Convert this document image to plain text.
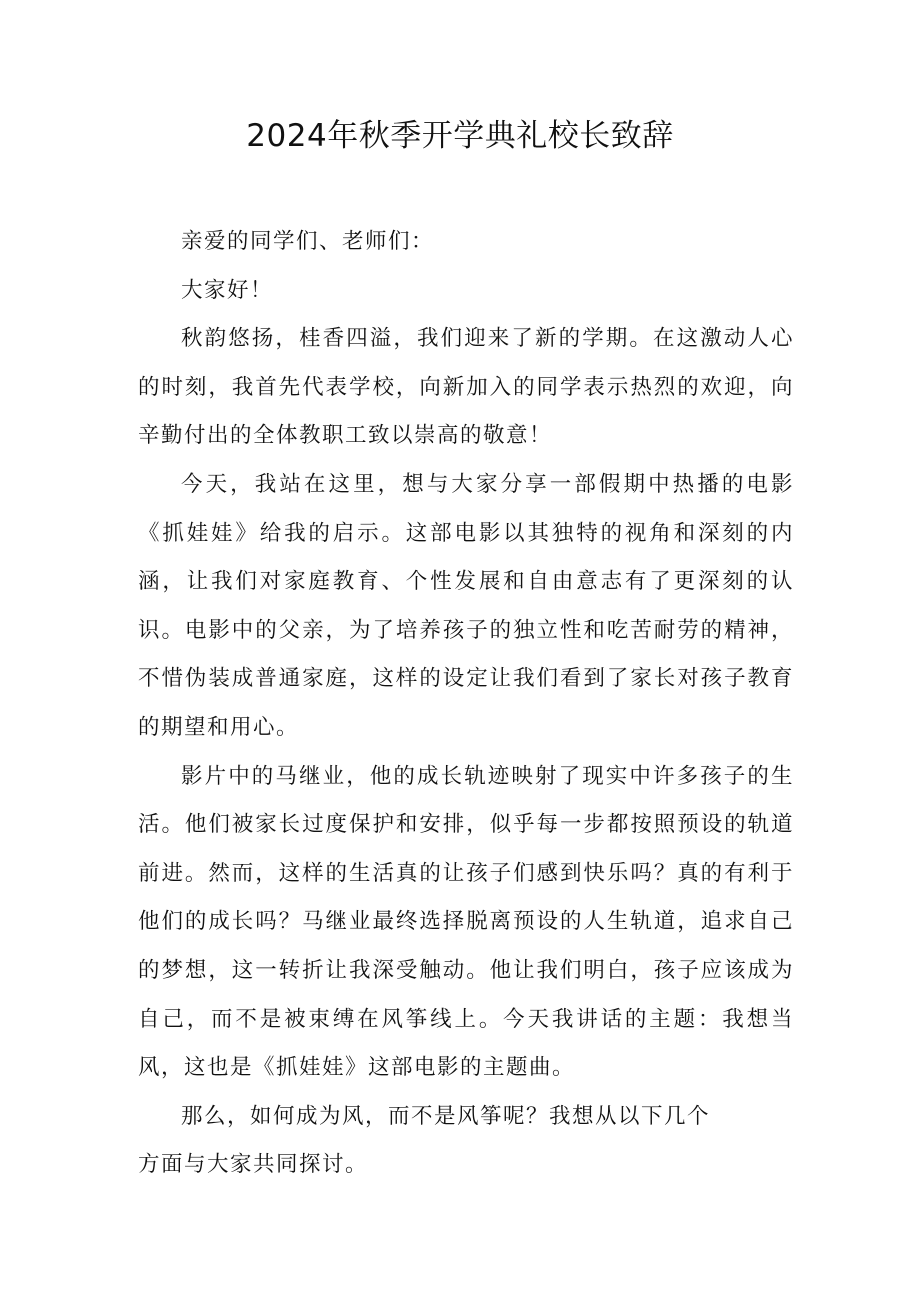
2024年秋季开学典礼校长致辞

亲爱的同学们、老师们：

大家好！

秋韵悠扬，桂香四溢，我们迎来了新的学期。在这激动人心的时刻，我首先代表学校，向新加入的同学表示热烈的欢迎，向辛勤付出的全体教职工致以崇高的敬意！

今天，我站在这里，想与大家分享一部假期中热播的电影《抓娃娃》给我的启示。这部电影以其独特的视角和深刻的内涵，让我们对家庭教育、个性发展和自由意志有了更深刻的认识。电影中的父亲，为了培养孩子的独立性和吃苦耐劳的精神，不惜伪装成普通家庭，这样的设定让我们看到了家长对孩子教育的期望和用心。

影片中的马继业，他的成长轨迹映射了现实中许多孩子的生活。他们被家长过度保护和安排，似乎每一步都按照预设的轨道前进。然而，这样的生活真的让孩子们感到快乐吗？真的有利于他们的成长吗？马继业最终选择脱离预设的人生轨道，追求自己的梦想，这一转折让我深受触动。他让我们明白，孩子应该成为自己，而不是被束缚在风筝线上。今天我讲话的主题：我想当风，这也是《抓娃娃》这部电影的主题曲。

那么，如何成为风，而不是风筝呢？我想从以下几个

方面与大家共同探讨。
